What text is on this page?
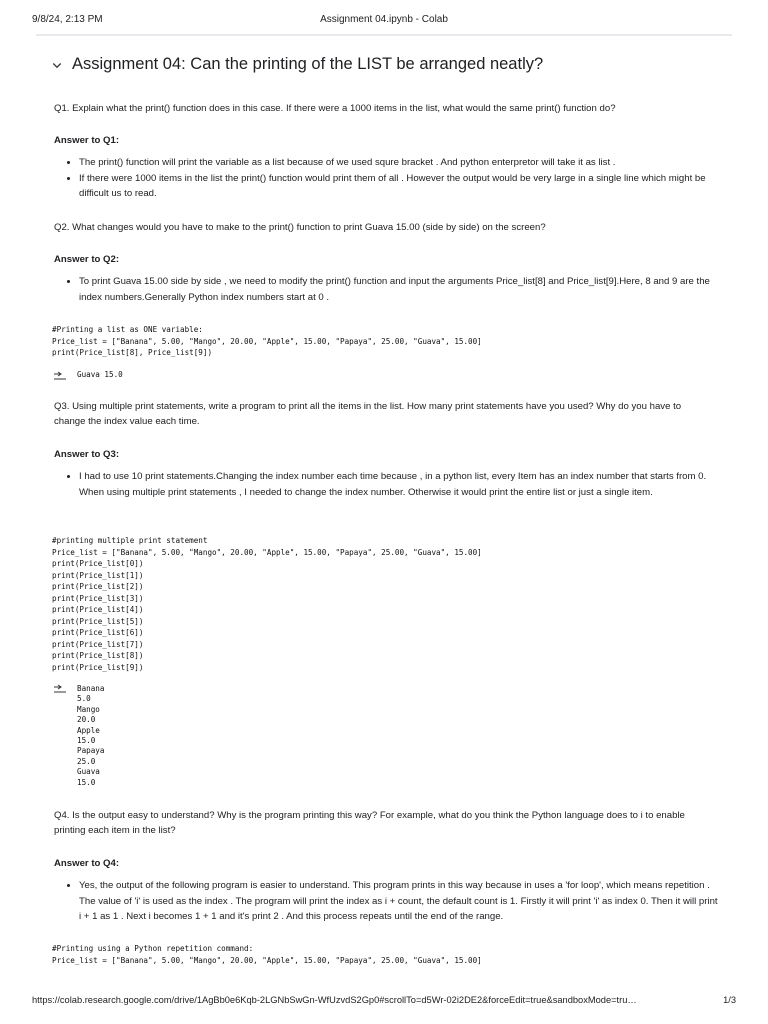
9/8/24, 2:13 PM	Assignment 04.ipynb - Colab
Assignment 04: Can the printing of the LIST be arranged neatly?
Q1. Explain what the print() function does in this case. If there were a 1000 items in the list, what would the same print() function do?
Answer to Q1:
• The print() function will print the variable as a list because of we used squre bracket . And python enterpretor will take it as list .
• If there were 1000 items in the list the print() function would print them of all . However the output would be very large in a single line which might be difficult us to read.
Q2. What changes would you have to make to the print() function to print Guava 15.00 (side by side) on the screen?
Answer to Q2:
• To print Guava 15.00 side by side , we need to modify the print() function and input the arguments Price_list[8] and Price_list[9].Here, 8 and 9 are the index numbers.Generally Python index numbers start at 0 .
#Printing a list as ONE variable:
Price_list = ["Banana", 5.00, "Mango", 20.00, "Apple", 15.00, "Papaya", 25.00, "Guava", 15.00]
print(Price_list[8], Price_list[9])
Guava 15.0
Q3. Using multiple print statements, write a program to print all the items in the list. How many print statements have you used? Why do you have to change the index value each time.
Answer to Q3:
• I had to use 10 print statements.Changing the index number each time because , in a python list, every Item has an index number that starts from 0. When using multiple print statements , I needed to change the index number. Otherwise it would print the entire list or just a single item.
#printing multiple print statement
Price_list = ["Banana", 5.00, "Mango", 20.00, "Apple", 15.00, "Papaya", 25.00, "Guava", 15.00]
print(Price_list[0])
print(Price_list[1])
print(Price_list[2])
print(Price_list[3])
print(Price_list[4])
print(Price_list[5])
print(Price_list[6])
print(Price_list[7])
print(Price_list[8])
print(Price_list[9])
Banana
5.0
Mango
20.0
Apple
15.0
Papaya
25.0
Guava
15.0
Q4. Is the output easy to understand? Why is the program printing this way? For example, what do you think the Python language does to i to enable printing each item in the list?
Answer to Q4:
• Yes, the output of the following program is easier to understand. This program prints in this way because in uses a 'for loop', which means repetition . The value of 'i' is used as the index . The program will print the index as i + count, the default count is 1. Firstly it will print 'i' as index 0. Then it will print i + 1 as 1 . Next i becomes 1 + 1 and it's print 2 . And this process repeats until the end of the range.
#Printing using a Python repetition command:
Price_list = ["Banana", 5.00, "Mango", 20.00, "Apple", 15.00, "Papaya", 25.00, "Guava", 15.00]
https://colab.research.google.com/drive/1AgBb0e6Kqb-2LGNbSwGn-WfUzvdS2Gp0#scrollTo=d5Wr-02i2DE2&forceEdit=true&sandboxMode=tru…	1/3
